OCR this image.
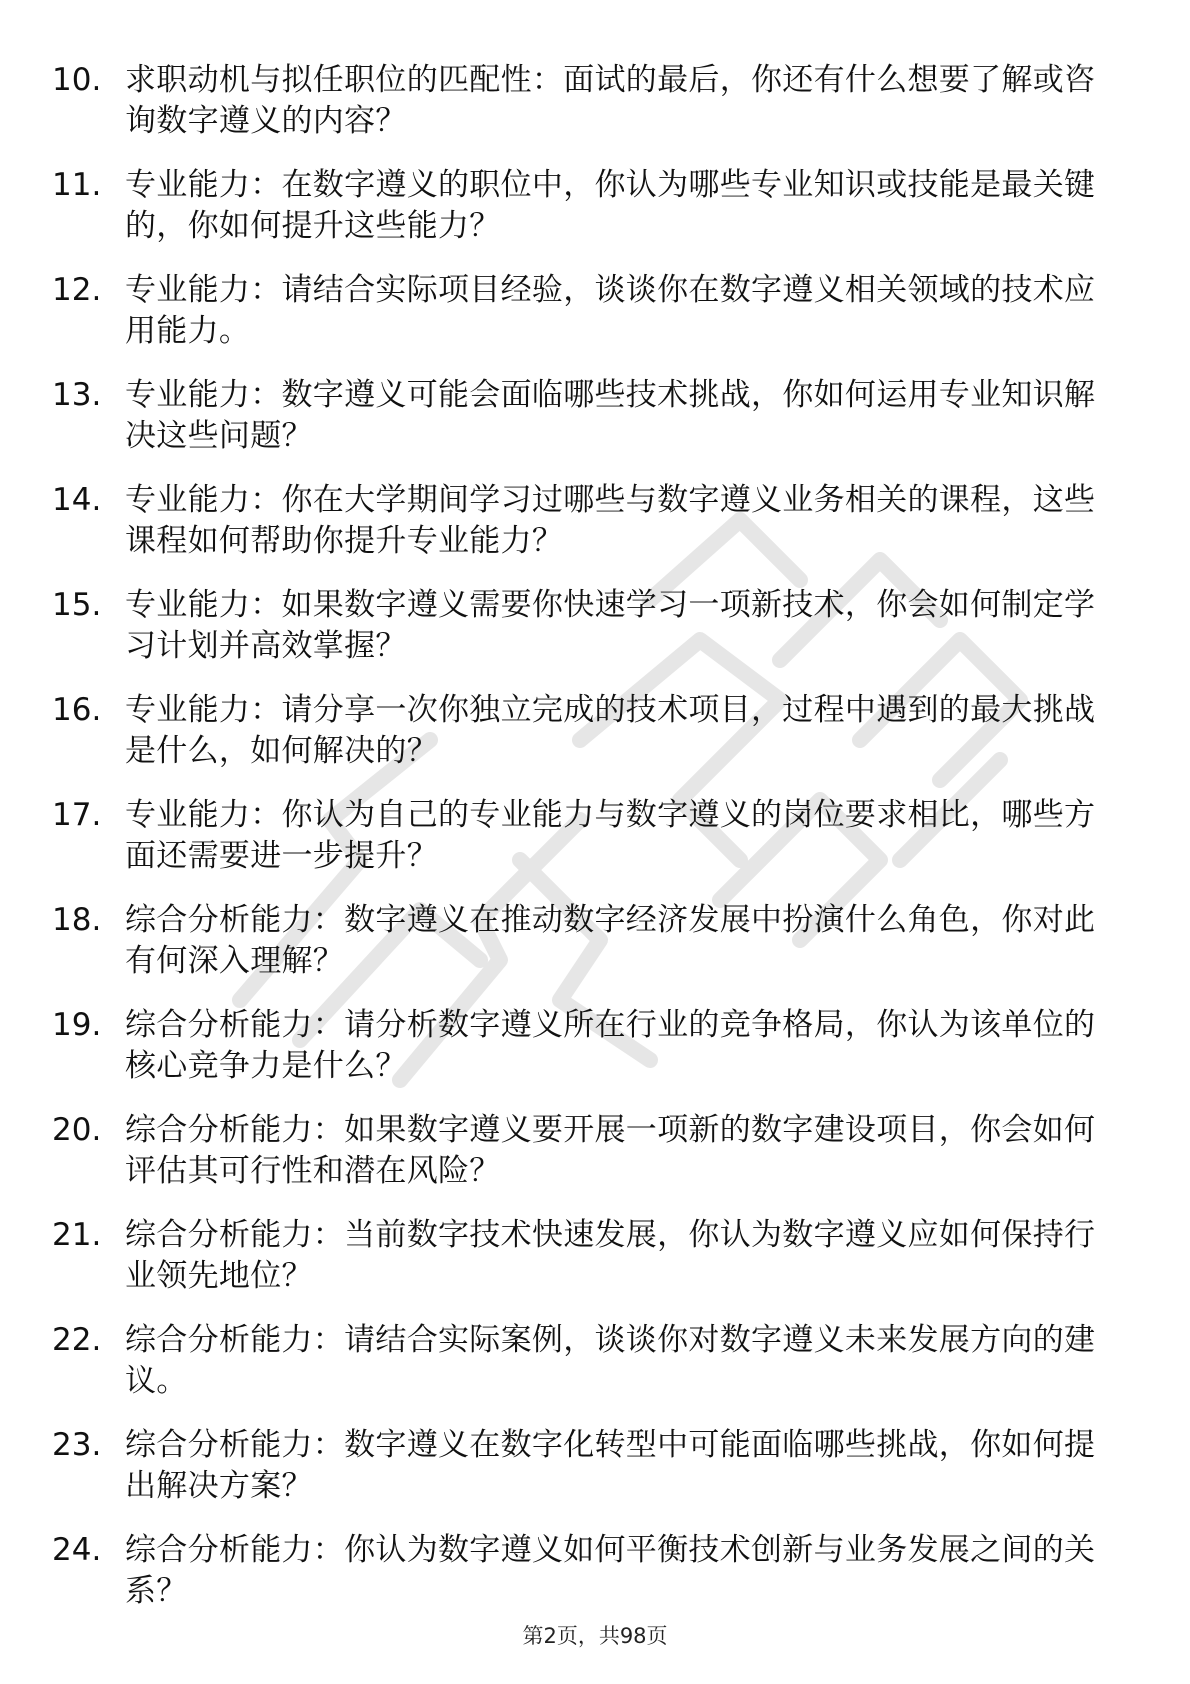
10. 求职动机与拟任职位的匹配性：面试的最后，你还有什么想要了解或咨询数字遵义的内容？
11. 专业能力：在数字遵义的职位中，你认为哪些专业知识或技能是最关键的，你如何提升这些能力？
12. 专业能力：请结合实际项目经验，谈谈你在数字遵义相关领域的技术应用能力。
13. 专业能力：数字遵义可能会面临哪些技术挑战，你如何运用专业知识解决这些问题？
14. 专业能力：你在大学期间学习过哪些与数字遵义业务相关的课程，这些课程如何帮助你提升专业能力？
15. 专业能力：如果数字遵义需要你快速学习一项新技术，你会如何制定学习计划并高效掌握？
16. 专业能力：请分享一次你独立完成的技术项目，过程中遇到的最大挑战是什么，如何解决的？
17. 专业能力：你认为自己的专业能力与数字遵义的岗位要求相比，哪些方面还需要进一步提升？
18. 综合分析能力：数字遵义在推动数字经济发展中扮演什么角色，你对此有何深入理解？
19. 综合分析能力：请分析数字遵义所在行业的竞争格局，你认为该单位的核心竞争力是什么？
20. 综合分析能力：如果数字遵义要开展一项新的数字建设项目，你会如何评估其可行性和潜在风险？
21. 综合分析能力：当前数字技术快速发展，你认为数字遵义应如何保持行业领先地位？
22. 综合分析能力：请结合实际案例，谈谈你对数字遵义未来发展方向的建议。
23. 综合分析能力：数字遵义在数字化转型中可能面临哪些挑战，你如何提出解决方案？
24. 综合分析能力：你认为数字遵义如何平衡技术创新与业务发展之间的关系？
第2页，共98页
